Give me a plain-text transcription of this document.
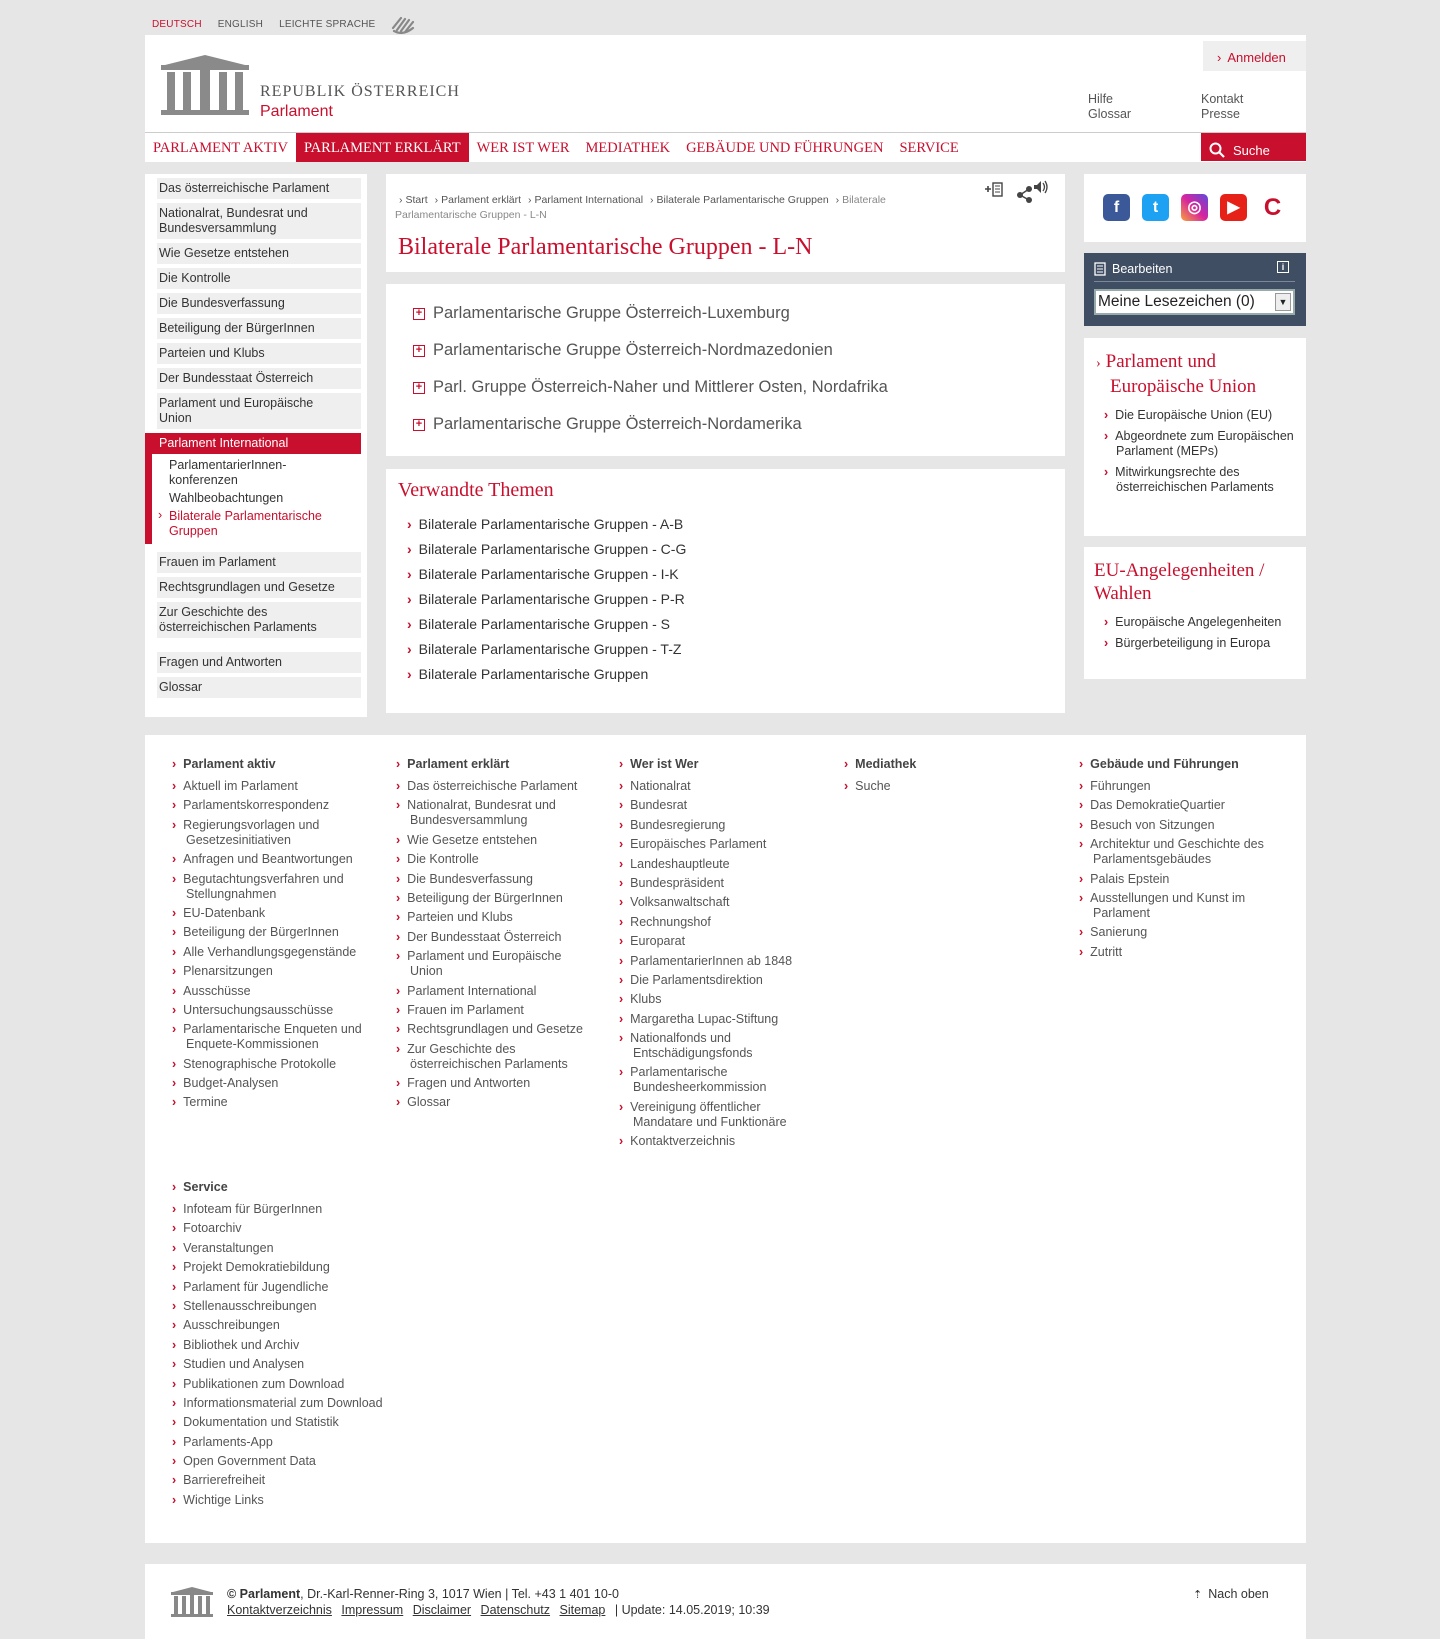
DEUTSCH ENGLISH LEICHTE SPRACHE
REPUBLIK ÖSTERREICH
Parlament
› Anmelden
Hilfe
Glossar
Kontakt
Presse
PARLAMENT AKTIV	PARLAMENT ERKLÄRT	WER IST WER	MEDIATHEK	GEBÄUDE UND FÜHRUNGEN	SERVICE	Suche
Das österreichische Parlament
Nationalrat, Bundesrat und Bundesversammlung
Wie Gesetze entstehen
Die Kontrolle
Die Bundesverfassung
Beteiligung der BürgerInnen
Parteien und Klubs
Der Bundesstaat Österreich
Parlament und Europäische Union
Parlament International
ParlamentarierInnen-konferenzen
Wahlbeobachtungen
› Bilaterale Parlamentarische Gruppen
Frauen im Parlament
Rechtsgrundlagen und Gesetze
Zur Geschichte des österreichischen Parlaments
Fragen und Antworten
Glossar
› Start › Parlament erklärt › Parlament International › Bilaterale Parlamentarische Gruppen › Bilaterale Parlamentarische Gruppen - L-N
Bilaterale Parlamentarische Gruppen - L-N
+ Parlamentarische Gruppe Österreich-Luxemburg
+ Parlamentarische Gruppe Österreich-Nordmazedonien
+ Parl. Gruppe Österreich-Naher und Mittlerer Osten, Nordafrika
+ Parlamentarische Gruppe Österreich-Nordamerika
Verwandte Themen
› Bilaterale Parlamentarische Gruppen - A-B
› Bilaterale Parlamentarische Gruppen - C-G
› Bilaterale Parlamentarische Gruppen - I-K
› Bilaterale Parlamentarische Gruppen - P-R
› Bilaterale Parlamentarische Gruppen - S
› Bilaterale Parlamentarische Gruppen - T-Z
› Bilaterale Parlamentarische Gruppen
f	t	◎	▶	C
Bearbeiten	i
Meine Lesezeichen (0)	▼
› Parlament und Europäische Union
› Die Europäische Union (EU)
› Abgeordnete zum Europäischen Parlament (MEPs)
› Mitwirkungsrechte des österreichischen Parlaments
EU-Angelegenheiten / Wahlen
› Europäische Angelegenheiten
› Bürgerbeteiligung in Europa
› Parlament aktiv
› Aktuell im Parlament
› Parlamentskorrespondenz
› Regierungsvorlagen und Gesetzesinitiativen
› Anfragen und Beantwortungen
› Begutachtungsverfahren und Stellungnahmen
› EU-Datenbank
› Beteiligung der BürgerInnen
› Alle Verhandlungsgegenstände
› Plenarsitzungen
› Ausschüsse
› Untersuchungsausschüsse
› Parlamentarische Enqueten und Enquete-Kommissionen
› Stenographische Protokolle
› Budget-Analysen
› Termine
› Parlament erklärt
› Das österreichische Parlament
› Nationalrat, Bundesrat und Bundesversammlung
› Wie Gesetze entstehen
› Die Kontrolle
› Die Bundesverfassung
› Beteiligung der BürgerInnen
› Parteien und Klubs
› Der Bundesstaat Österreich
› Parlament und Europäische Union
› Parlament International
› Frauen im Parlament
› Rechtsgrundlagen und Gesetze
› Zur Geschichte des österreichischen Parlaments
› Fragen und Antworten
› Glossar
› Wer ist Wer
› Nationalrat
› Bundesrat
› Bundesregierung
› Europäisches Parlament
› Landeshauptleute
› Bundespräsident
› Volksanwaltschaft
› Rechnungshof
› Europarat
› ParlamentarierInnen ab 1848
› Die Parlamentsdirektion
› Klubs
› Margaretha Lupac-Stiftung
› Nationalfonds und Entschädigungsfonds
› Parlamentarische Bundesheerkommission
› Vereinigung öffentlicher Mandatare und Funktionäre
› Kontaktverzeichnis
› Mediathek
› Suche
› Gebäude und Führungen
› Führungen
› Das DemokratieQuartier
› Besuch von Sitzungen
› Architektur und Geschichte des Parlamentsgebäudes
› Palais Epstein
› Ausstellungen und Kunst im Parlament
› Sanierung
› Zutritt
› Service
› Infoteam für BürgerInnen
› Fotoarchiv
› Veranstaltungen
› Projekt Demokratiebildung
› Parlament für Jugendliche
› Stellenausschreibungen
› Ausschreibungen
› Bibliothek und Archiv
› Studien und Analysen
› Publikationen zum Download
› Informationsmaterial zum Download
› Dokumentation und Statistik
› Parlaments-App
› Open Government Data
› Barrierefreiheit
› Wichtige Links
© Parlament, Dr.-Karl-Renner-Ring 3, 1017 Wien | Tel. +43 1 401 10-0
Kontaktverzeichnis Impressum Disclaimer Datenschutz Sitemap | Update: 14.05.2019; 10:39
⇡ Nach oben
